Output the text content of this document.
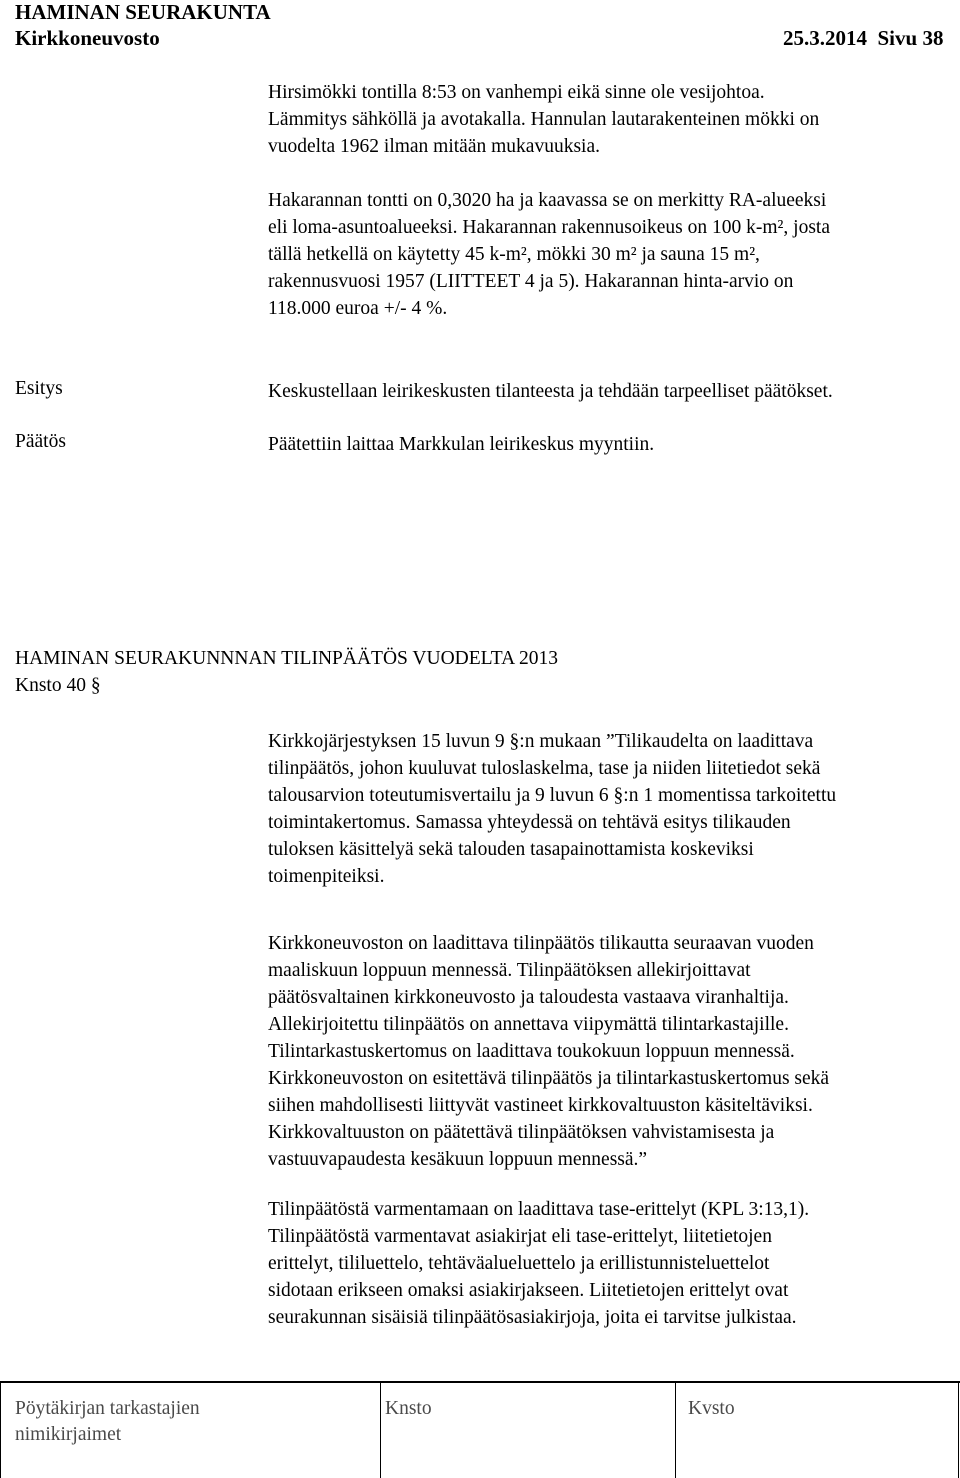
HAMINAN SEURAKUNTA
Kirkkoneuvosto	25.3.2014  Sivu 38
Hirsimökki tontilla 8:53 on vanhempi eikä sinne ole vesijohtoa.
Lämmitys sähköllä ja avotakalla. Hannulan lautarakenteinen mökki on
vuodelta 1962 ilman mitään mukavuuksia.
Hakarannan tontti on 0,3020 ha ja kaavassa se on merkitty RA-alueeksi
eli loma-asuntoalueeksi. Hakarannan rakennusoikeus on 100 k-m², josta
tällä hetkellä on käytetty 45 k-m², mökki 30 m² ja sauna 15 m²,
rakennusvuosi 1957 (LIITTEET 4 ja 5). Hakarannan hinta-arvio on
118.000 euroa +/- 4 %.
Esitys	Keskustellaan leirikeskusten tilanteesta ja tehdään tarpeelliset päätökset.
Päätös	Päätettiin laittaa Markkulan leirikeskus myyntiin.
HAMINAN SEURAKUNNNAN TILINPÄÄTÖS VUODELTA 2013
Knsto 40 §
Kirkkojärjestyksen 15 luvun 9 §:n mukaan ”Tilikaudelta on laadittava
tilinpäätös, johon kuuluvat tuloslaskelma, tase ja niiden liitetiedot sekä
talousarvion toteutumisvertailu ja 9 luvun 6 §:n 1 momentissa tarkoitettu
toimintakertomus. Samassa yhteydessä on tehtävä esitys tilikauden
tuloksen käsittelyä sekä talouden tasapainottamista koskeviksi
toimenpiteiksi.
Kirkkoneuvoston on laadittava tilinpäätös tilikautta seuraavan vuoden
maaliskuun loppuun mennessä. Tilinpäätöksen allekirjoittavat
päätösvaltainen kirkkoneuvosto ja taloudesta vastaava viranhaltija.
Allekirjoitettu tilinpäätös on annettava viipymättä tilintarkastajille.
Tilintarkastuskertomus on laadittava toukokuun loppuun mennessä.
Kirkkoneuvoston on esitettävä tilinpäätös ja tilintarkastuskertomus sekä
siihen mahdollisesti liittyvät vastineet kirkkovaltuuston käsiteltäviksi.
Kirkkovaltuuston on päätettävä tilinpäätöksen vahvistamisesta ja
vastuuvapaudesta kesäkuun loppuun mennessä.”
Tilinpäätöstä varmentamaan on laadittava tase-erittelyt (KPL 3:13,1).
Tilinpäätöstä varmentavat asiakirjat eli tase-erittelyt, liitetietojen
erittelyt, tililuettelo, tehtäväalueluettelo ja erillistunnisteluettelot
sidotaan erikseen omaksi asiakirjakseen. Liitetietojen erittelyt ovat
seurakunnan sisäisiä tilinpäätösasiakirjoja, joita ei tarvitse julkistaa.
Pöytäkirjan tarkastajien
nimikirjaimet
Knsto	Kvsto
